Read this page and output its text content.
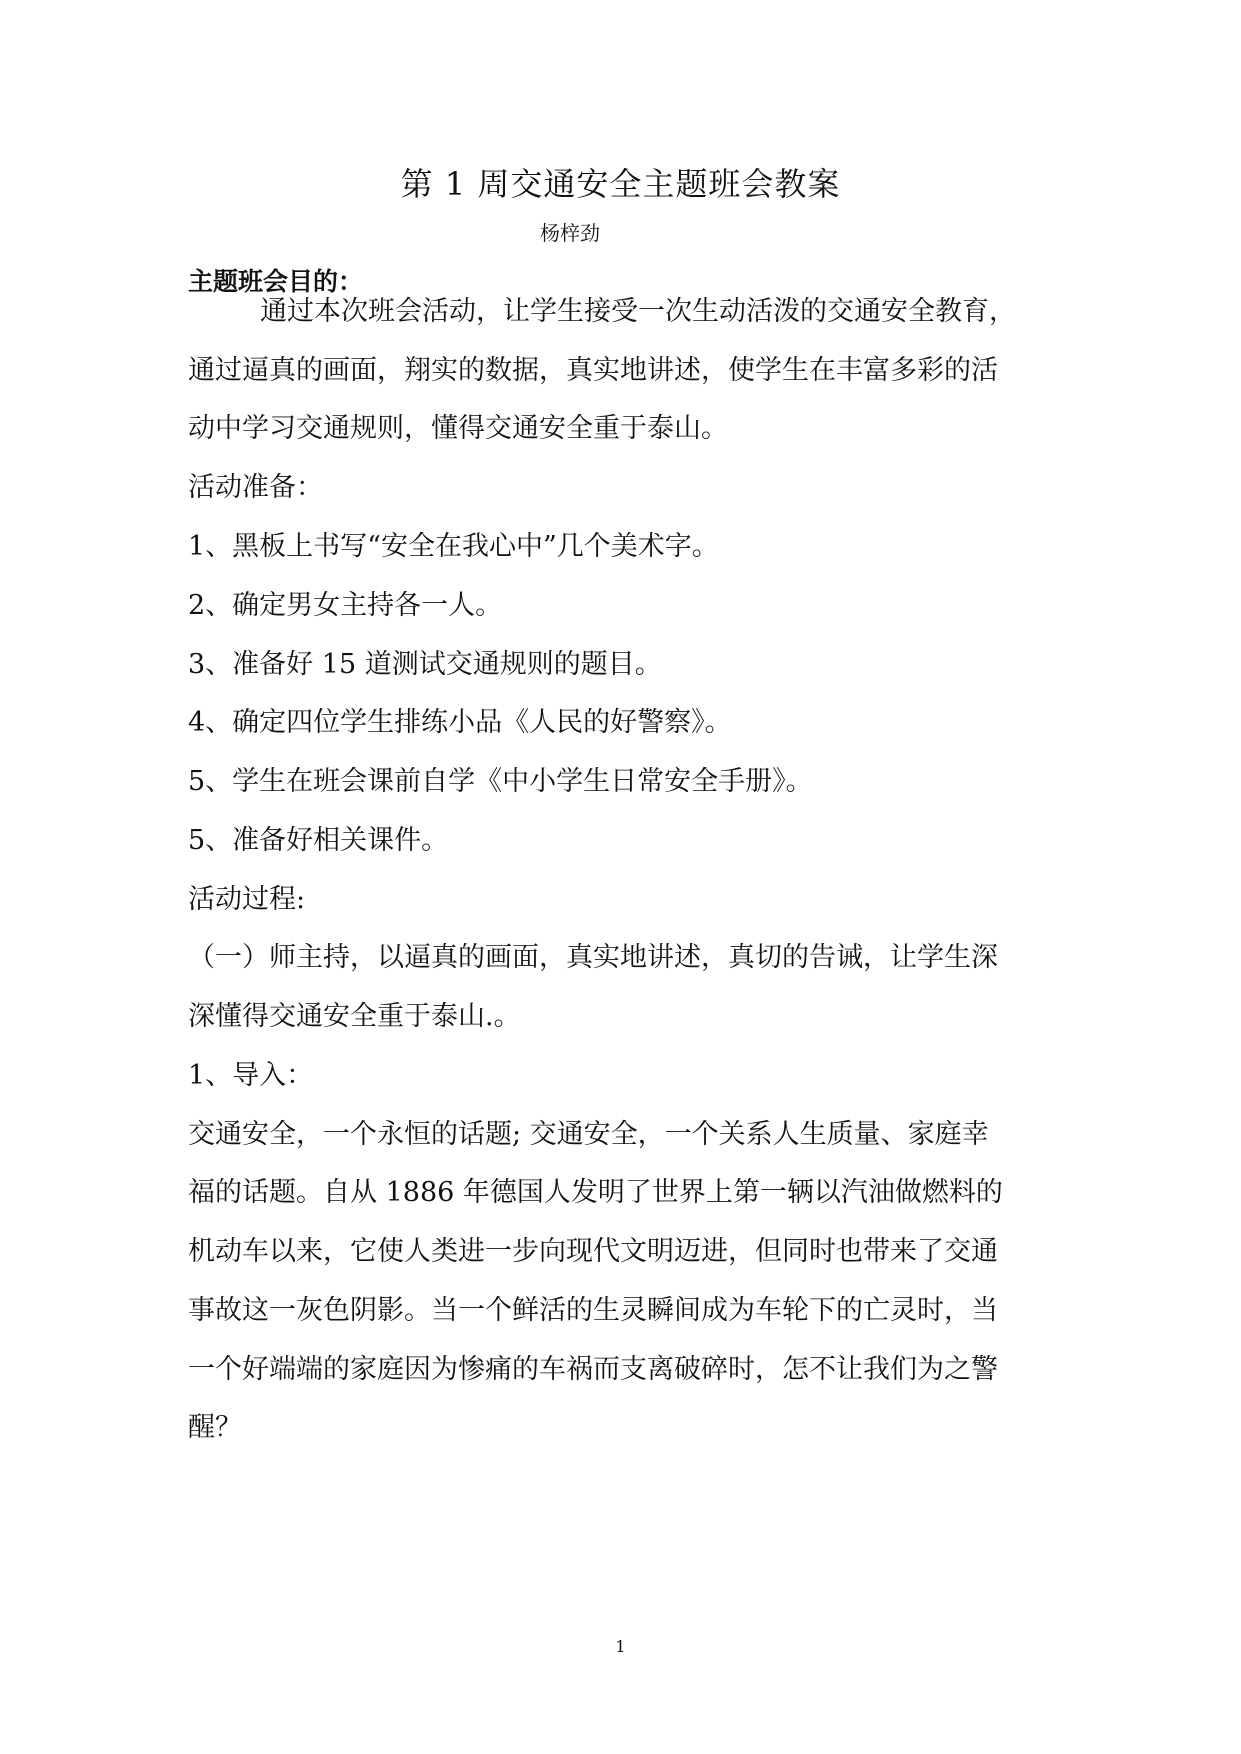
第 1 周交通安全主题班会教案
杨梓劲
主题班会目的：
通过本次班会活动，让学生接受一次生动活泼的交通安全教育，
通过逼真的画面，翔实的数据，真实地讲述，使学生在丰富多彩的活
动中学习交通规则，懂得交通安全重于泰山。
活动准备：
1、黑板上书写“安全在我心中”几个美术字。
2、确定男女主持各一人。
3、准备好 15 道测试交通规则的题目。
4、确定四位学生排练小品《人民的好警察》。
5、学生在班会课前自学《中小学生日常安全手册》。
5、准备好相关课件。
活动过程:
（一）师主持，以逼真的画面，真实地讲述，真切的告诫，让学生深
深懂得交通安全重于泰山.。
1、导入：
交通安全，一个永恒的话题; 交通安全，一个关系人生质量、家庭幸
福的话题。自从 1886 年德国人发明了世界上第一辆以汽油做燃料的
机动车以来，它使人类进一步向现代文明迈进，但同时也带来了交通
事故这一灰色阴影。当一个鲜活的生灵瞬间成为车轮下的亡灵时，当
一个好端端的家庭因为惨痛的车祸而支离破碎时，怎不让我们为之警
醒？
1
